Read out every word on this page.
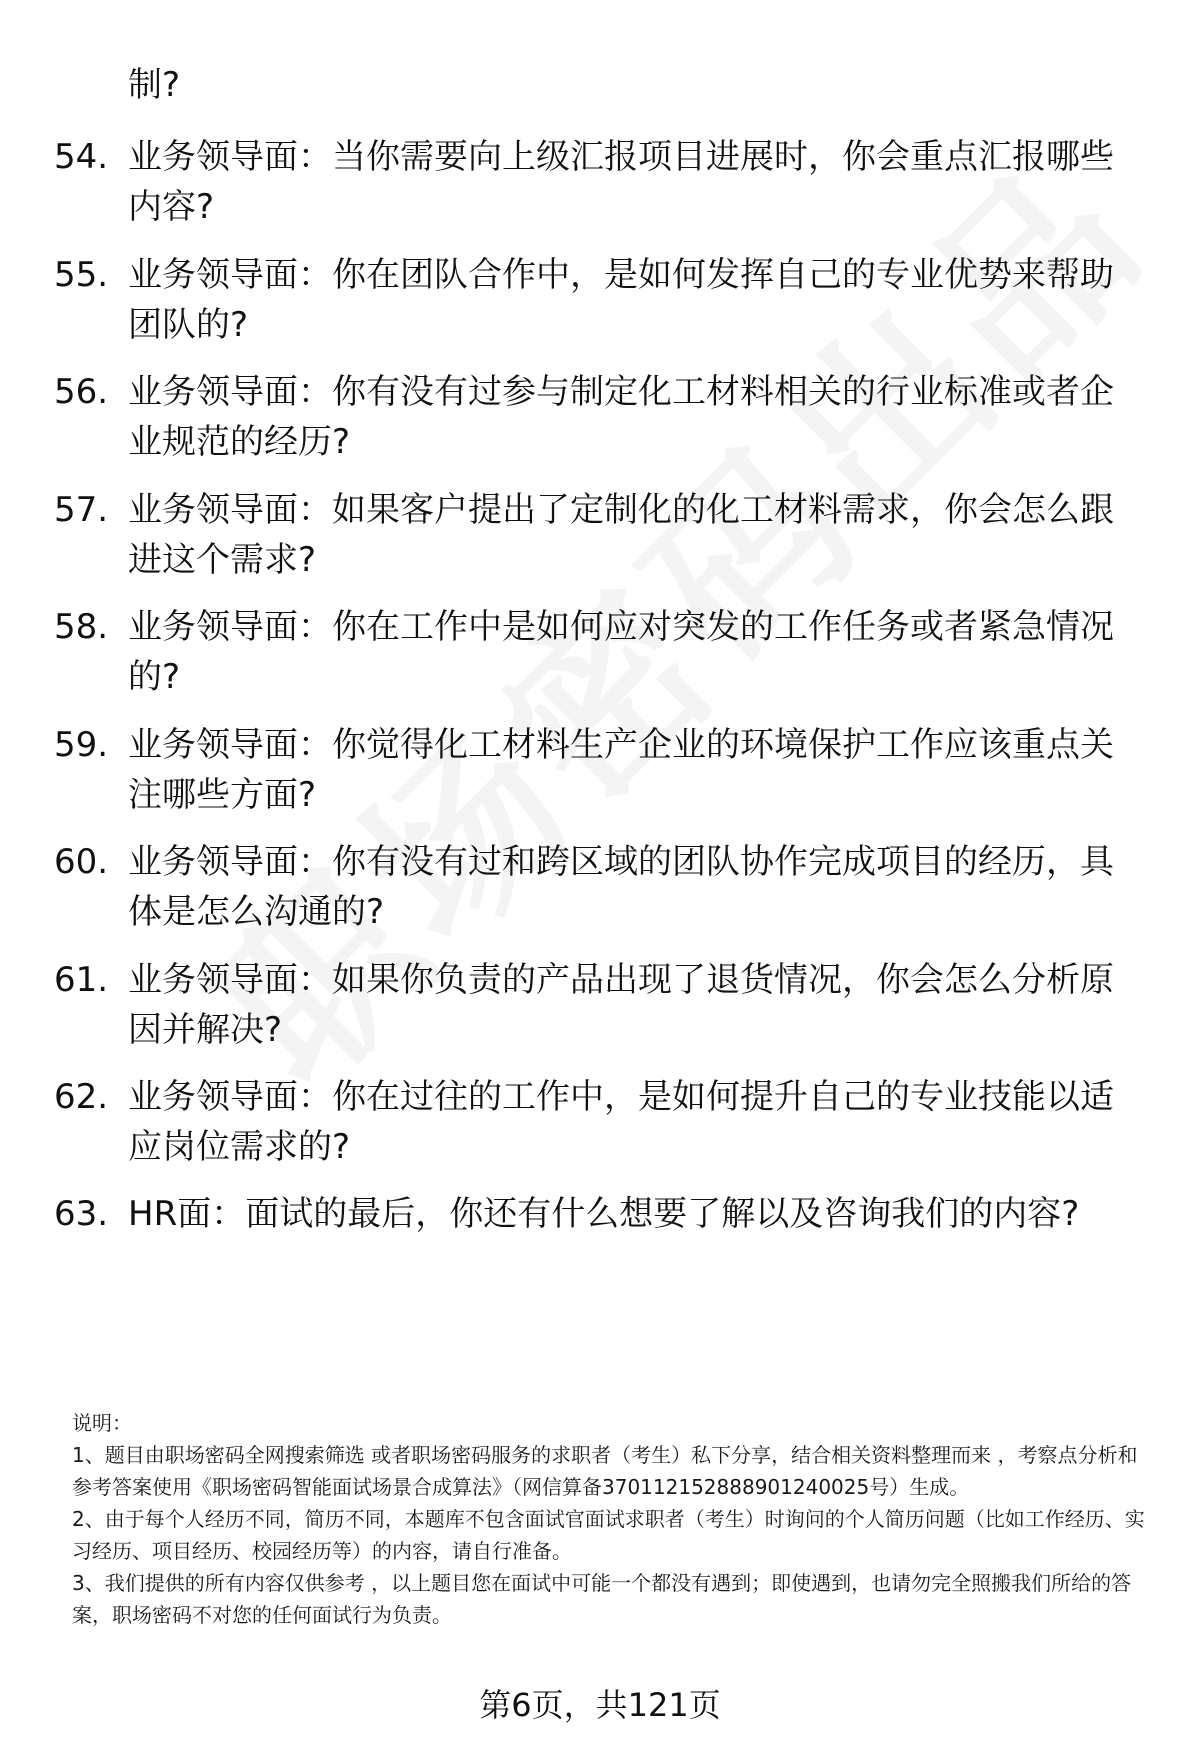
制?
54. 业务领导面：当你需要向上级汇报项目进展时，你会重点汇报哪些内容?
55. 业务领导面：你在团队合作中，是如何发挥自己的专业优势来帮助团队的?
56. 业务领导面：你有没有过参与制定化工材料相关的行业标准或者企业规范的经历?
57. 业务领导面：如果客户提出了定制化的化工材料需求，你会怎么跟进这个需求?
58. 业务领导面：你在工作中是如何应对突发的工作任务或者紧急情况的?
59. 业务领导面：你觉得化工材料生产企业的环境保护工作应该重点关注哪些方面?
60. 业务领导面：你有没有过和跨区域的团队协作完成项目的经历，具体是怎么沟通的?
61. 业务领导面：如果你负责的产品出现了退货情况，你会怎么分析原因并解决?
62. 业务领导面：你在过往的工作中，是如何提升自己的专业技能以适应岗位需求的?
63. HR面：面试的最后，你还有什么想要了解以及咨询我们的内容?

说明：

1、题目由职场密码全网搜索筛选 或者职场密码服务的求职者（考生）私下分享，结合相关资料整理而来 ，考察点分析和参考答案使用《职场密码智能面试场景合成算法》（网信算备370112152888901240025号）生成。

2、由于每个人经历不同，简历不同，本题库不包含面试官面试求职者（考生）时询问的个人简历问题（比如工作经历、实习经历、项目经历、校园经历等）的内容，请自行准备。

3、我们提供的所有内容仅供参考 ，以上题目您在面试中可能一个都没有遇到；即使遇到，也请勿完全照搬我们所给的答案，职场密码不对您的任何面试行为负责。

第6页，共121页
